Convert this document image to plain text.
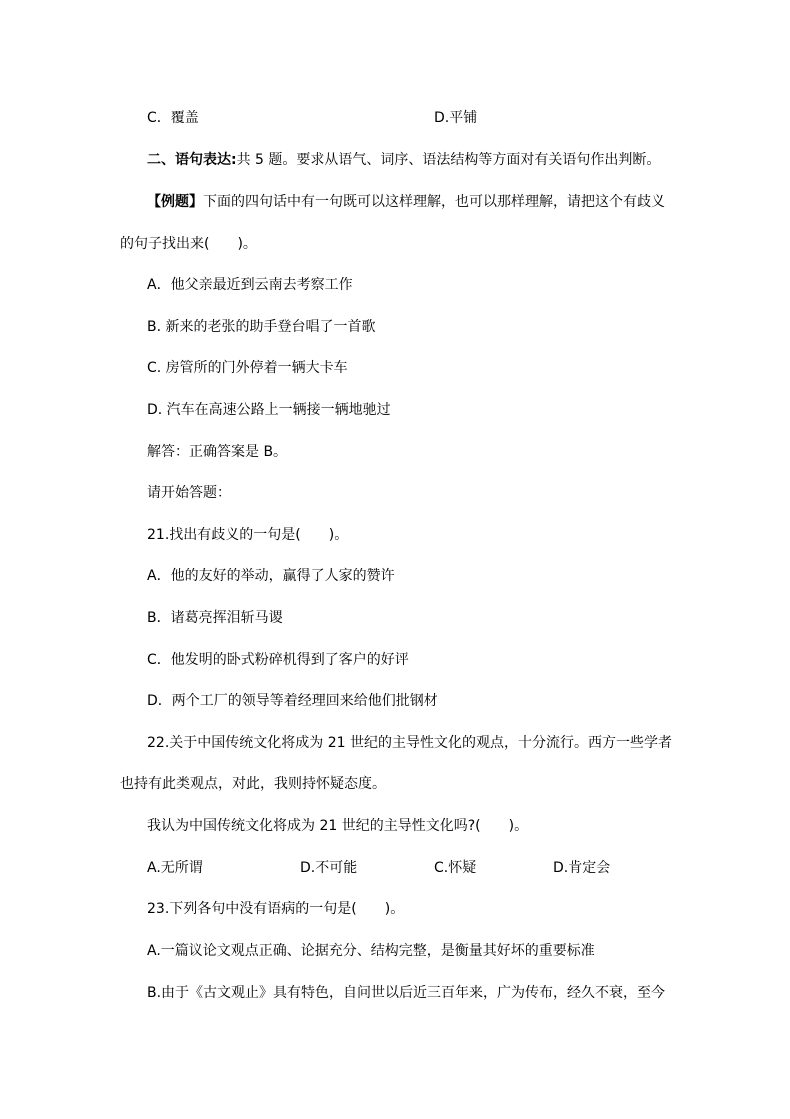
C．覆盖	D.平铺
二、语句表达:共 5 题。要求从语气、词序、语法结构等方面对有关语句作出判断。
【例题】下面的四句话中有一句既可以这样理解，也可以那样理解，请把这个有歧义
的句子找出来(　　)。
A．他父亲最近到云南去考察工作
B. 新来的老张的助手登台唱了一首歌
C. 房管所的门外停着一辆大卡车
D. 汽车在高速公路上一辆接一辆地驰过
解答：正确答案是 B。
请开始答题：
21.找出有歧义的一句是(　　)。
A．他的友好的举动，赢得了人家的赞许
B．诸葛亮挥泪斩马谡
C．他发明的卧式粉碎机得到了客户的好评
D．两个工厂的领导等着经理回来给他们批钢材
22.关于中国传统文化将成为 21 世纪的主导性文化的观点，十分流行。西方一些学者
也持有此类观点，对此，我则持怀疑态度。
我认为中国传统文化将成为 21 世纪的主导性文化吗?(　　)。
A.无所谓	D.不可能	C.怀疑	D.肯定会
23.下列各句中没有语病的一句是(　　)。
A.一篇议论文观点正确、论据充分、结构完整，是衡量其好坏的重要标准
B.由于《古文观止》具有特色，自问世以后近三百年来，广为传布，经久不衰，至今
